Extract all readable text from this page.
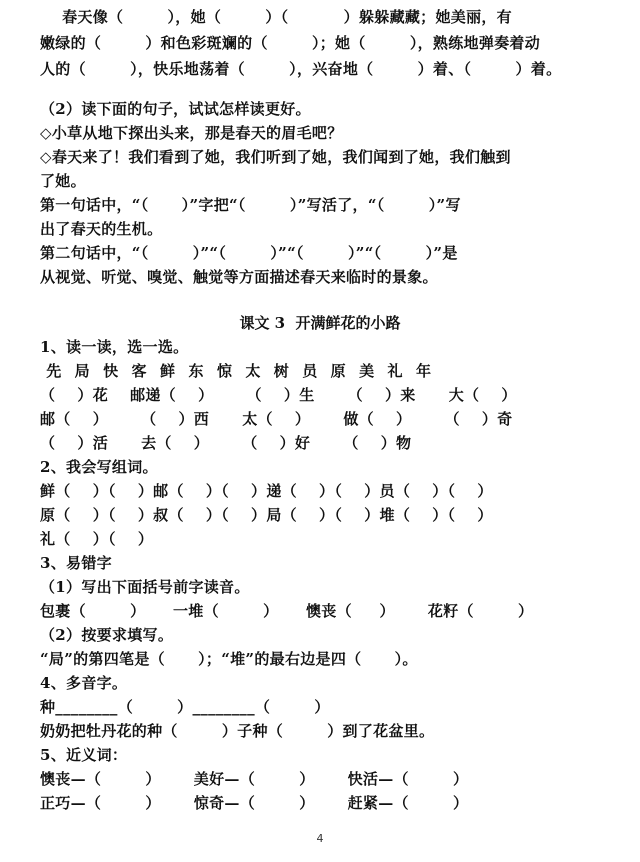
春天像（        ），她（        ）（          ）躲躲藏藏；她美丽，有
嫩绿的（        ）和色彩斑斓的（        ）；她（        ），熟练地弹奏着动
人的（        ），快乐地荡着（        ），兴奋地（        ）着、（        ）着。
（2）读下面的句子，试试怎样读更好。
◇小草从地下探出头来，那是春天的眉毛吧？
◇春天来了！我们看到了她，我们听到了她，我们闻到了她，我们触到
了她。
第一句话中，“（      ）”字把“（        ）”写活了，“（        ）”写
出了春天的生机。
第二句话中，“（        ）”“（        ）”“（        ）”“（        ）”是
从视觉、听觉、嗅觉、触觉等方面描述春天来临时的景象。
课文 3  开满鲜花的小路
1、读一读，选一选。
先  局  快  客  鲜  东  惊  太  树  员  原  美  礼  年
（    ）花    邮递（    ）      （    ）生      （    ）来      大（    ）
邮（    ）      （    ）西      太（    ）      做（    ）      （    ）奇
（    ）活      去（    ）      （    ）好      （    ）物
2、我会写组词。
鲜（    ）（    ）邮（    ）（    ）递（    ）（    ）员（    ）（    ）
原（    ）（    ）叔（    ）（    ）局（    ）（    ）堆（    ）（    ）
礼（    ）（    ）
3、易错字
（1）写出下面括号前字读音。
包裹（        ）     一堆（        ）     懊丧（     ）      花籽（        ）
（2）按要求填写。
“局”的第四笔是（      ）；“堆”的最右边是四（      ）。
4、多音字。
种________（        ）________（        ）
奶奶把牡丹花的种（        ）子种（        ）到了花盆里。
5、近义词：
懊丧—（        ）      美好—（        ）      快活—（        ）
正巧—（        ）      惊奇—（        ）      赶紧—（        ）
4
